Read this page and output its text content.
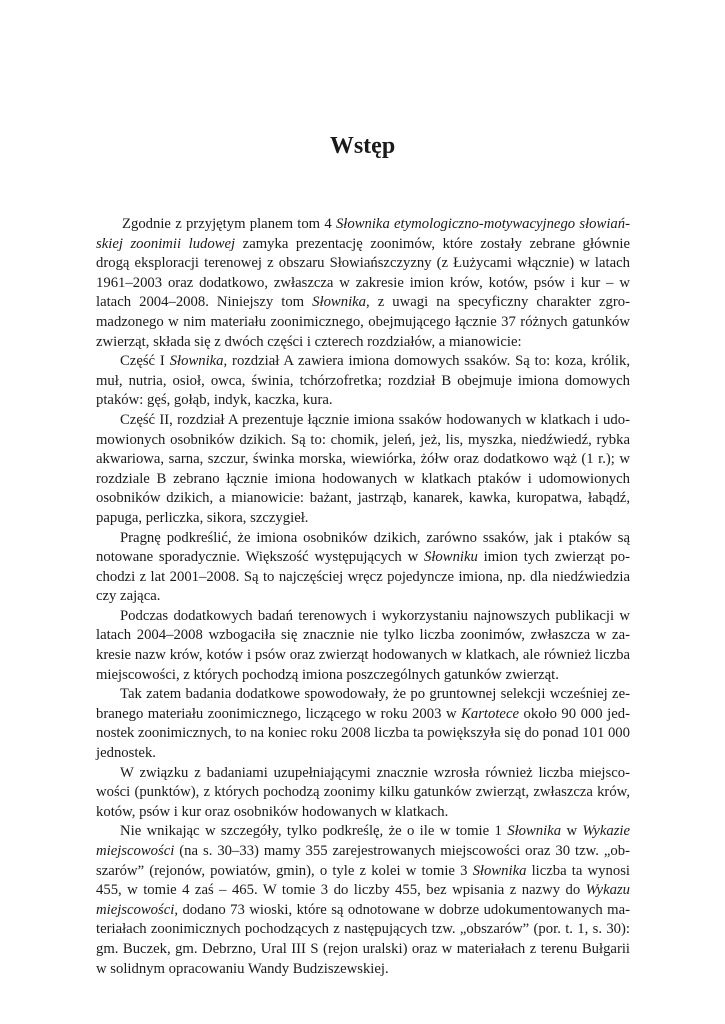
Wstęp

Zgodnie z przyjętym planem tom 4 Słownika etymologiczno-motywacyjnego słowiańskiej zoonimii ludowej zamyka prezentację zoonimów, które zostały zebrane głównie drogą eksploracji terenowej z obszaru Słowiańszczyzny (z Łużycami włącznie) w latach 1961–2003 oraz dodatkowo, zwłaszcza w zakresie imion krów, kotów, psów i kur – w latach 2004–2008. Niniejszy tom Słownika, z uwagi na specyficzny charakter zgromadzonego w nim materiału zoonimicznego, obejmującego łącznie 37 różnych gatunków zwierząt, składa się z dwóch części i czterech rozdziałów, a mianowicie:

Część I Słownika, rozdział A zawiera imiona domowych ssaków. Są to: koza, królik, muł, nutria, osioł, owca, świnia, tchórzofretka; rozdział B obejmuje imiona domowych ptaków: gęś, gołąb, indyk, kaczka, kura.

Część II, rozdział A prezentuje łącznie imiona ssaków hodowanych w klatkach i udomowionych osobników dzikich. Są to: chomik, jeleń, jeż, lis, myszka, niedźwiedź, rybka akwariowa, sarna, szczur, świnka morska, wiewiórka, żółw oraz dodatkowo wąż (1 r.); w rozdziale B zebrano łącznie imiona hodowanych w klatkach ptaków i udomowionych osobników dzikich, a mianowicie: bażant, jastrząb, kanarek, kawka, kuropatwa, łabądź, papuga, perliczka, sikora, szczygieł.

Pragnę podkreślić, że imiona osobników dzikich, zarówno ssaków, jak i ptaków są notowane sporadycznie. Większość występujących w Słowniku imion tych zwierząt pochodzi z lat 2001–2008. Są to najczęściej wręcz pojedyncze imiona, np. dla niedźwiedzia czy zająca.

Podczas dodatkowych badań terenowych i wykorzystaniu najnowszych publikacji w latach 2004–2008 wzbogaciła się znacznie nie tylko liczba zoonimów, zwłaszcza w zakresie nazw krów, kotów i psów oraz zwierząt hodowanych w klatkach, ale również liczba miejscowości, z których pochodzą imiona poszczególnych gatunków zwierząt.

Tak zatem badania dodatkowe spowodowały, że po gruntownej selekcji wcześniej zebranego materiału zoonimicznego, liczącego w roku 2003 w Kartotece około 90 000 jednostek zoonimicznych, to na koniec roku 2008 liczba ta powiększyła się do ponad 101 000 jednostek.

W związku z badaniami uzupełniającymi znacznie wzrosła również liczba miejscowości (punktów), z których pochodzą zoonimy kilku gatunków zwierząt, zwłaszcza krów, kotów, psów i kur oraz osobników hodowanych w klatkach.

Nie wnikając w szczegóły, tylko podkreślę, że o ile w tomie 1 Słownika w Wykazie miejscowości (na s. 30–33) mamy 355 zarejestrowanych miejscowości oraz 30 tzw. „obszarów” (rejonów, powiatów, gmin), o tyle z kolei w tomie 3 Słownika liczba ta wynosi 455, w tomie 4 zaś – 465. W tomie 3 do liczby 455, bez wpisania z nazwy do Wykazu miejscowości, dodano 73 wioski, które są odnotowane w dobrze udokumentowanych materiałach zoonimicznych pochodzących z następujących tzw. „obszarów” (por. t. 1, s. 30): gm. Buczek, gm. Debrzno, Ural III S (rejon uralski) oraz w materiałach z terenu Bułgarii w solidnym opracowaniu Wandy Budziszewskiej.
